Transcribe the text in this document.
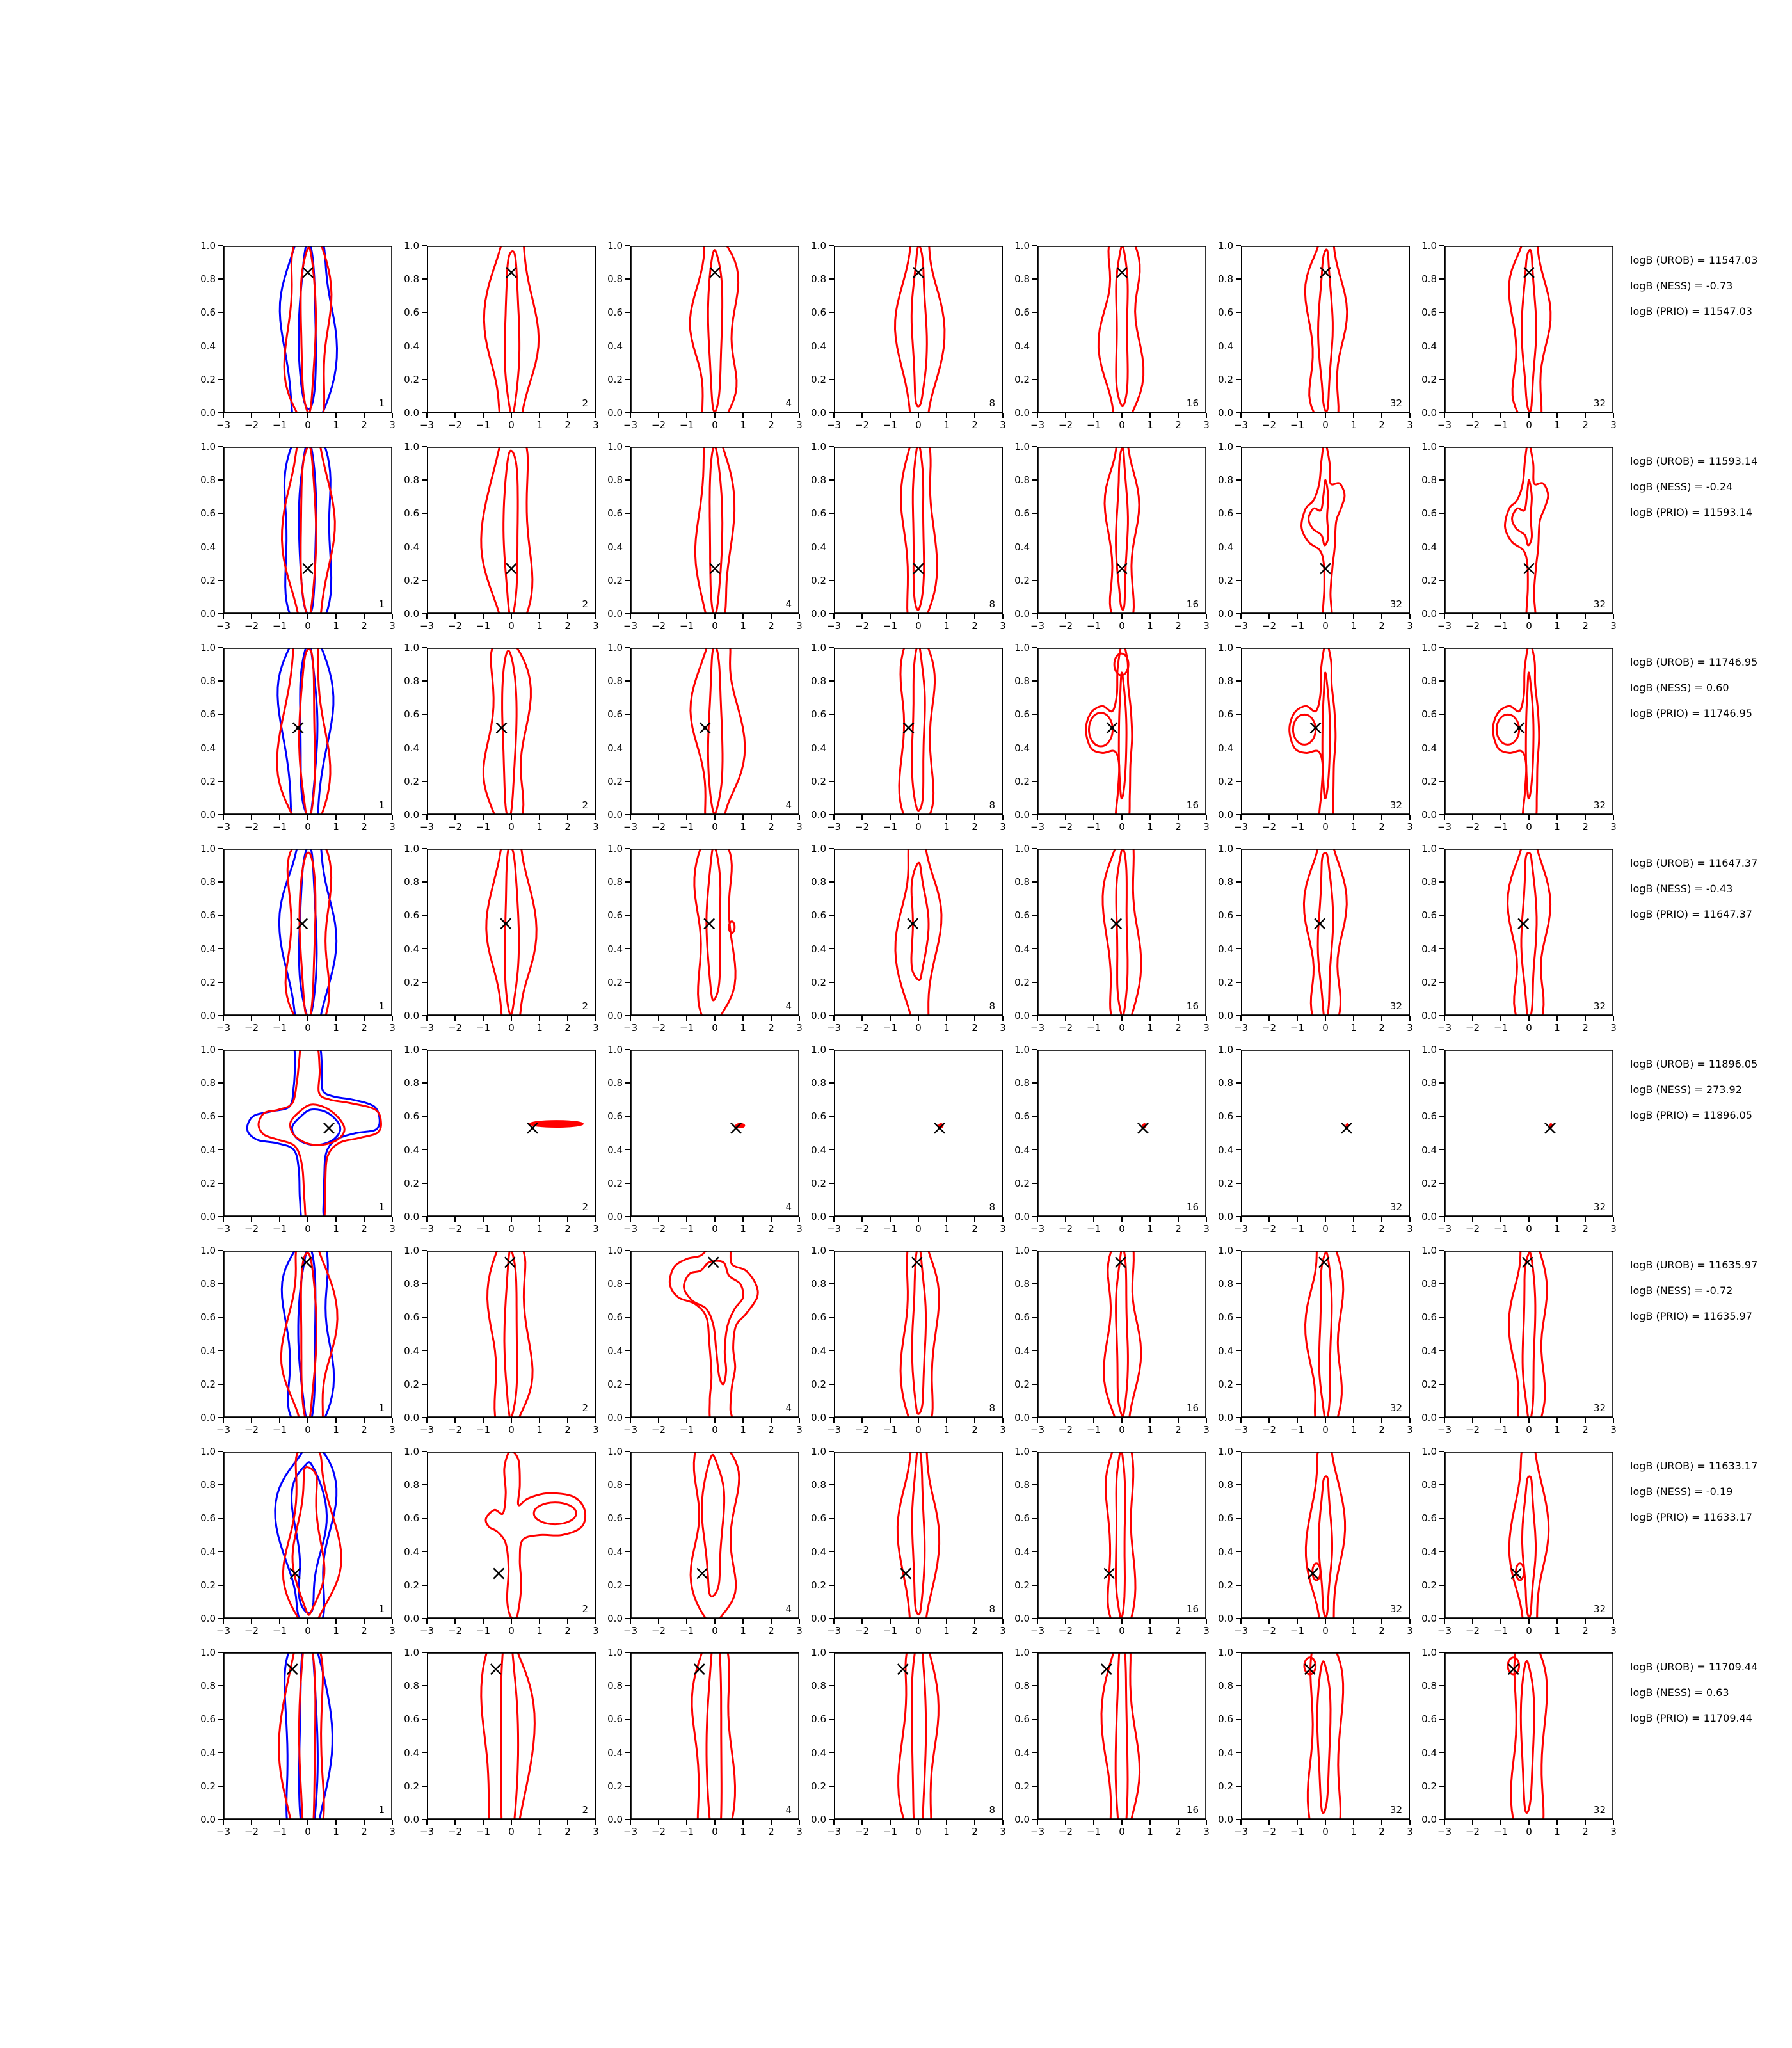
1
−3	−2	−1	0	1	2	3
1.0
0.8
0.6
0.4
0.2
0.0
2
−3	−2	−1	0	1	2	3
1.0
0.8
0.6
0.4
0.2
0.0
4
−3	−2	−1	0	1	2	3
1.0
0.8
0.6
0.4
0.2
0.0
8
−3	−2	−1	0	1	2	3
1.0
0.8
0.6
0.4
0.2
0.0
16
−3	−2	−1	0	1	2	3
1.0
0.8
0.6
0.4
0.2
0.0
32
−3	−2	−1	0	1	2	3
1.0
0.8
0.6
0.4
0.2
0.0
32
−3	−2	−1	0	1	2	3
1.0
0.8
0.6
0.4
0.2
0.0
logB (UROB) = 11547.03
logB (NESS) = -0.73
logB (PRIO) = 11547.03
1
−3	−2	−1	0	1	2	3
1.0
0.8
0.6
0.4
0.2
0.0
2
−3	−2	−1	0	1	2	3
1.0
0.8
0.6
0.4
0.2
0.0
4
−3	−2	−1	0	1	2	3
1.0
0.8
0.6
0.4
0.2
0.0
8
−3	−2	−1	0	1	2	3
1.0
0.8
0.6
0.4
0.2
0.0
16
−3	−2	−1	0	1	2	3
1.0
0.8
0.6
0.4
0.2
0.0
32
−3	−2	−1	0	1	2	3
1.0
0.8
0.6
0.4
0.2
0.0
32
−3	−2	−1	0	1	2	3
1.0
0.8
0.6
0.4
0.2
0.0
logB (UROB) = 11593.14
logB (NESS) = -0.24
logB (PRIO) = 11593.14
1
−3	−2	−1	0	1	2	3
1.0
0.8
0.6
0.4
0.2
0.0
2
−3	−2	−1	0	1	2	3
1.0
0.8
0.6
0.4
0.2
0.0
4
−3	−2	−1	0	1	2	3
1.0
0.8
0.6
0.4
0.2
0.0
8
−3	−2	−1	0	1	2	3
1.0
0.8
0.6
0.4
0.2
0.0
16
−3	−2	−1	0	1	2	3
1.0
0.8
0.6
0.4
0.2
0.0
32
−3	−2	−1	0	1	2	3
1.0
0.8
0.6
0.4
0.2
0.0
32
−3	−2	−1	0	1	2	3
1.0
0.8
0.6
0.4
0.2
0.0
logB (UROB) = 11746.95
logB (NESS) = 0.60
logB (PRIO) = 11746.95
1
−3	−2	−1	0	1	2	3
1.0
0.8
0.6
0.4
0.2
0.0
2
−3	−2	−1	0	1	2	3
1.0
0.8
0.6
0.4
0.2
0.0
4
−3	−2	−1	0	1	2	3
1.0
0.8
0.6
0.4
0.2
0.0
8
−3	−2	−1	0	1	2	3
1.0
0.8
0.6
0.4
0.2
0.0
16
−3	−2	−1	0	1	2	3
1.0
0.8
0.6
0.4
0.2
0.0
32
−3	−2	−1	0	1	2	3
1.0
0.8
0.6
0.4
0.2
0.0
32
−3	−2	−1	0	1	2	3
1.0
0.8
0.6
0.4
0.2
0.0
logB (UROB) = 11647.37
logB (NESS) = -0.43
logB (PRIO) = 11647.37
1
−3	−2	−1	0	1	2	3
1.0
0.8
0.6
0.4
0.2
0.0
2
−3	−2	−1	0	1	2	3
1.0
0.8
0.6
0.4
0.2
0.0
4
−3	−2	−1	0	1	2	3
1.0
0.8
0.6
0.4
0.2
0.0
8
−3	−2	−1	0	1	2	3
1.0
0.8
0.6
0.4
0.2
0.0
16
−3	−2	−1	0	1	2	3
1.0
0.8
0.6
0.4
0.2
0.0
32
−3	−2	−1	0	1	2	3
1.0
0.8
0.6
0.4
0.2
0.0
32
−3	−2	−1	0	1	2	3
1.0
0.8
0.6
0.4
0.2
0.0
logB (UROB) = 11896.05
logB (NESS) = 273.92
logB (PRIO) = 11896.05
1
−3	−2	−1	0	1	2	3
1.0
0.8
0.6
0.4
0.2
0.0
2
−3	−2	−1	0	1	2	3
1.0
0.8
0.6
0.4
0.2
0.0
4
−3	−2	−1	0	1	2	3
1.0
0.8
0.6
0.4
0.2
0.0
8
−3	−2	−1	0	1	2	3
1.0
0.8
0.6
0.4
0.2
0.0
16
−3	−2	−1	0	1	2	3
1.0
0.8
0.6
0.4
0.2
0.0
32
−3	−2	−1	0	1	2	3
1.0
0.8
0.6
0.4
0.2
0.0
32
−3	−2	−1	0	1	2	3
1.0
0.8
0.6
0.4
0.2
0.0
logB (UROB) = 11635.97
logB (NESS) = -0.72
logB (PRIO) = 11635.97
1
−3	−2	−1	0	1	2	3
1.0
0.8
0.6
0.4
0.2
0.0
2
−3	−2	−1	0	1	2	3
1.0
0.8
0.6
0.4
0.2
0.0
4
−3	−2	−1	0	1	2	3
1.0
0.8
0.6
0.4
0.2
0.0
8
−3	−2	−1	0	1	2	3
1.0
0.8
0.6
0.4
0.2
0.0
16
−3	−2	−1	0	1	2	3
1.0
0.8
0.6
0.4
0.2
0.0
32
−3	−2	−1	0	1	2	3
1.0
0.8
0.6
0.4
0.2
0.0
32
−3	−2	−1	0	1	2	3
1.0
0.8
0.6
0.4
0.2
0.0
logB (UROB) = 11633.17
logB (NESS) = -0.19
logB (PRIO) = 11633.17
1
−3	−2	−1	0	1	2	3
1.0
0.8
0.6
0.4
0.2
0.0
2
−3	−2	−1	0	1	2	3
1.0
0.8
0.6
0.4
0.2
0.0
4
−3	−2	−1	0	1	2	3
1.0
0.8
0.6
0.4
0.2
0.0
8
−3	−2	−1	0	1	2	3
1.0
0.8
0.6
0.4
0.2
0.0
16
−3	−2	−1	0	1	2	3
1.0
0.8
0.6
0.4
0.2
0.0
32
−3	−2	−1	0	1	2	3
1.0
0.8
0.6
0.4
0.2
0.0
32
−3	−2	−1	0	1	2	3
1.0
0.8
0.6
0.4
0.2
0.0
logB (UROB) = 11709.44
logB (NESS) = 0.63
logB (PRIO) = 11709.44
